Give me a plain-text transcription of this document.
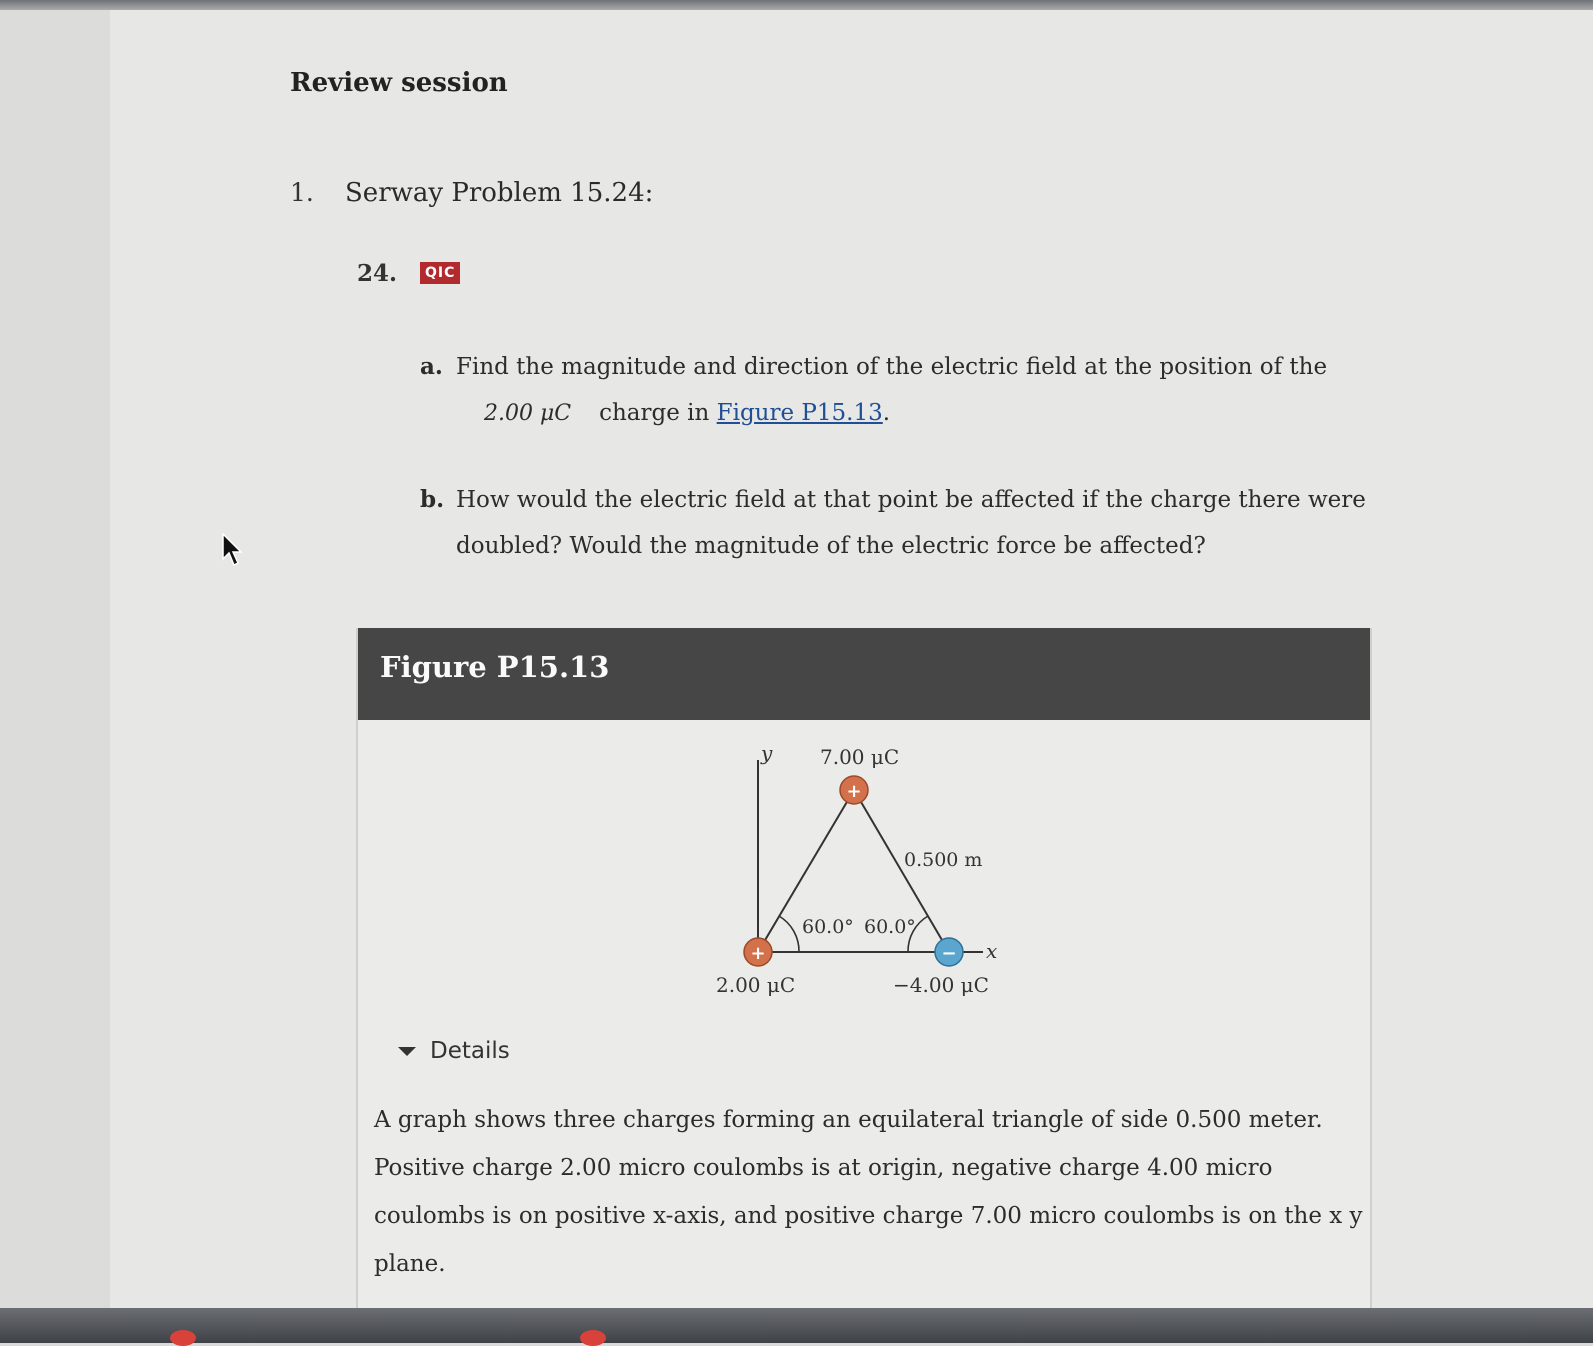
Review session
1. Serway Problem 15.24:
24.	QIC
a. Find the magnitude and direction of the electric field at the position of the
2.00 μC charge in Figure P15.13.
b. How would the electric field at that point be affected if the charge there were doubled? Would the magnitude of the electric force be affected?
Figure P15.13
+
+	−
y
x
7.00 μC
0.500 m
60.0° 60.0°
2.00 μC	−4.00 μC
Details
A graph shows three charges forming an equilateral triangle of side 0.500 meter. Positive charge 2.00 micro coulombs is at origin, negative charge 4.00 micro coulombs is on positive x-axis, and positive charge 7.00 micro coulombs is on the x y plane.
